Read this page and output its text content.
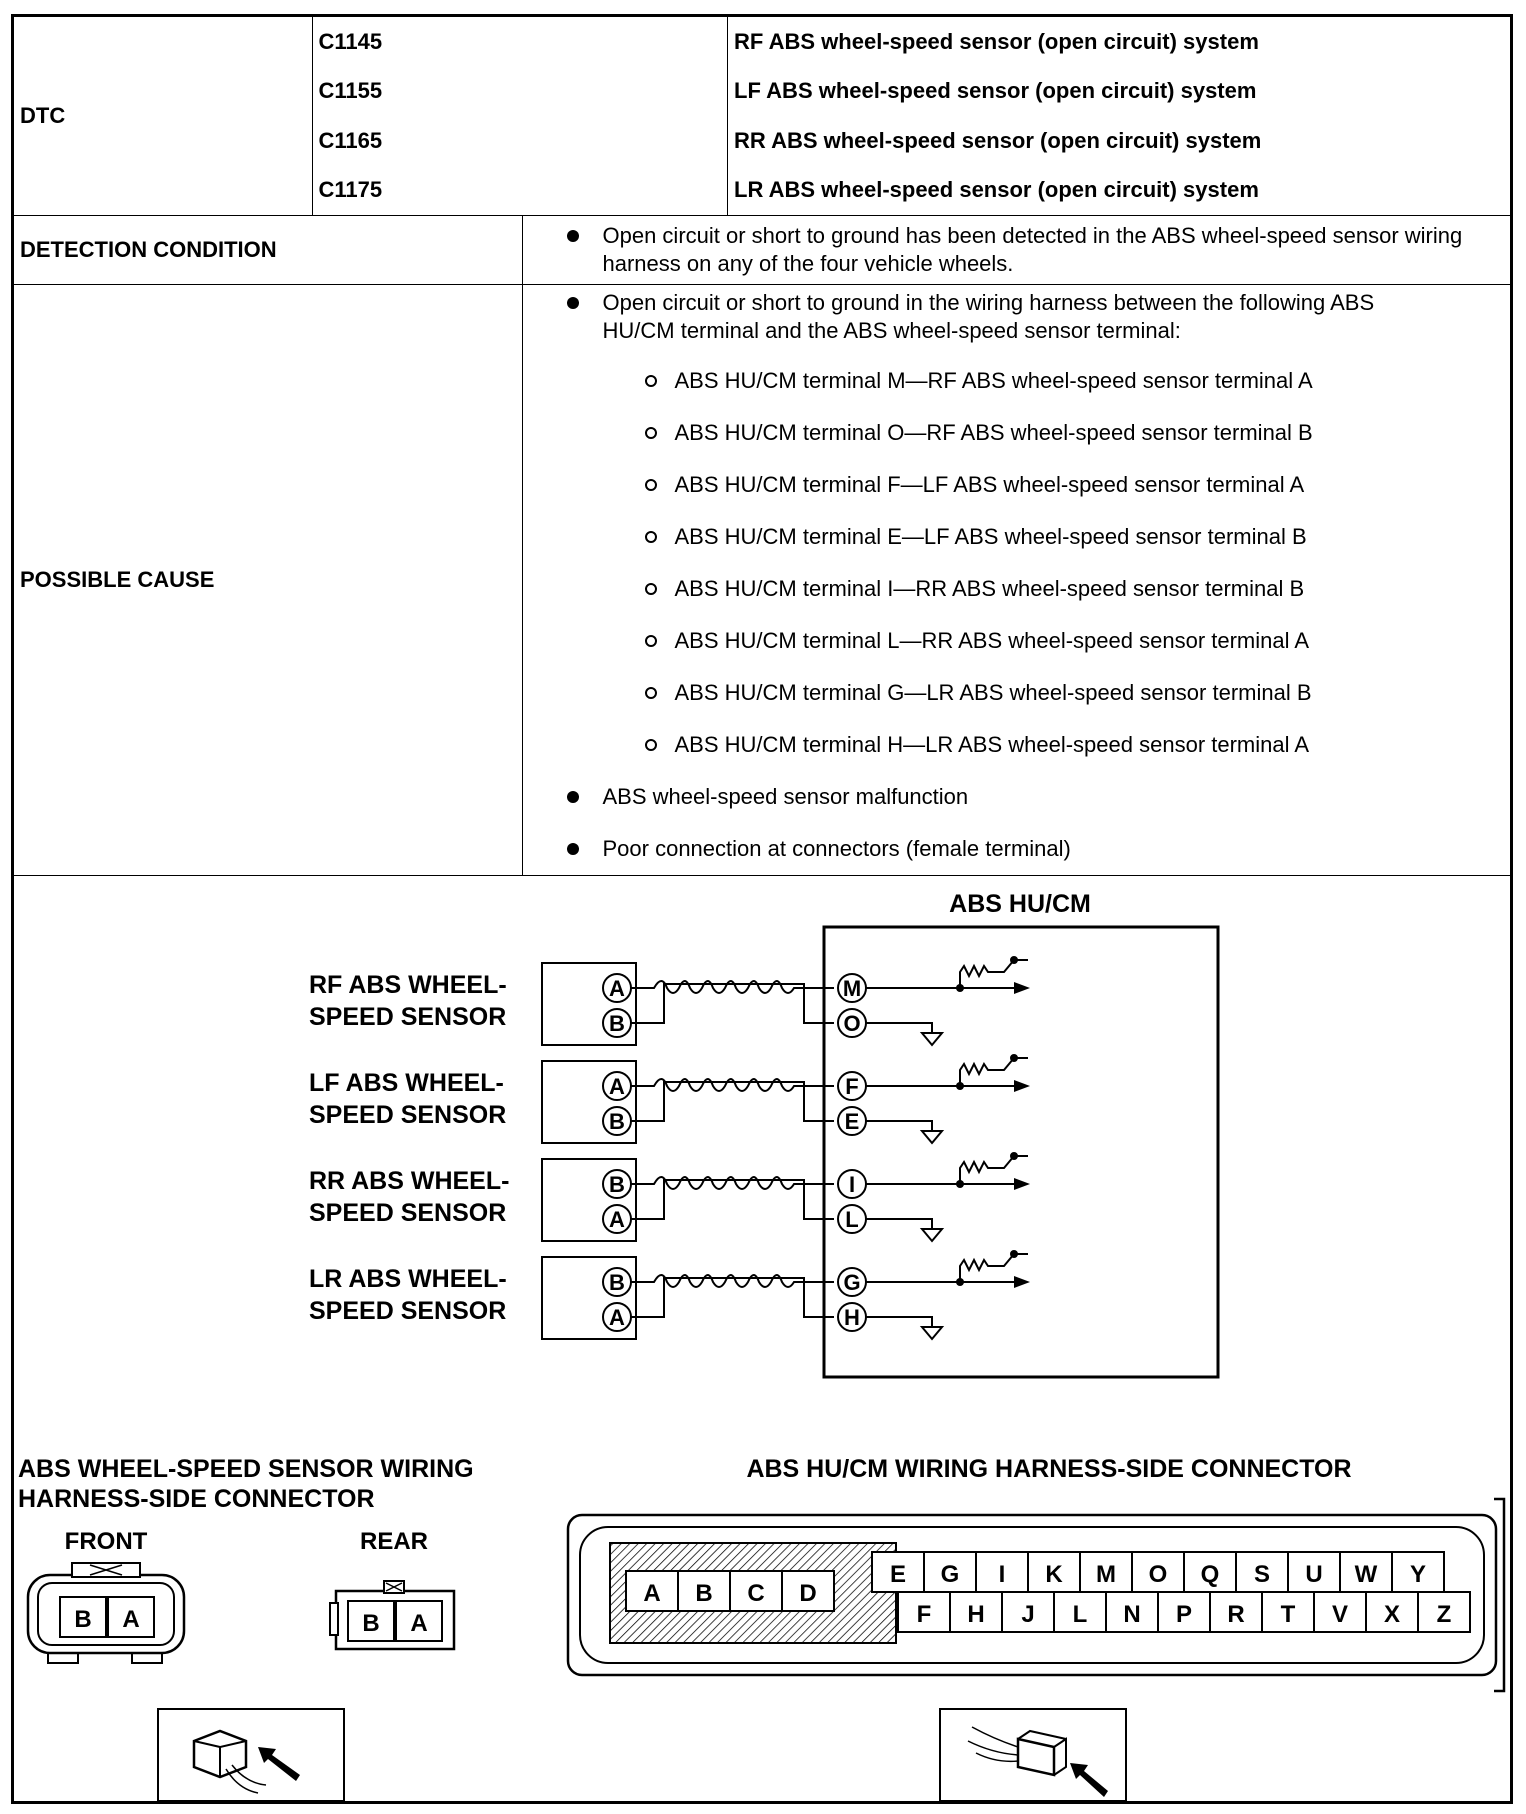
DTC	
C1145	RF ABS wheel-speed sensor (open circuit) system
C1155	LF ABS wheel-speed sensor (open circuit) system
C1165	RR ABS wheel-speed sensor (open circuit) system
C1175	LR ABS wheel-speed sensor (open circuit) system

DETECTION CONDITION	
Open circuit or short to ground has been detected in the ABS wheel-speed sensor wiring harness on any of the four vehicle wheels.

POSSIBLE CAUSE	
Open circuit or short to ground in the wiring harness between the following ABS HU/CM terminal and the ABS wheel-speed sensor terminal:
ABS HU/CM terminal M—RF ABS wheel-speed sensor terminal A
ABS HU/CM terminal O—RF ABS wheel-speed sensor terminal B
ABS HU/CM terminal F—LF ABS wheel-speed sensor terminal A
ABS HU/CM terminal E—LF ABS wheel-speed sensor terminal B
ABS HU/CM terminal I—RR ABS wheel-speed sensor terminal B
ABS HU/CM terminal L—RR ABS wheel-speed sensor terminal A
ABS HU/CM terminal G—LR ABS wheel-speed sensor terminal B
ABS HU/CM terminal H—LR ABS wheel-speed sensor terminal A
ABS wheel-speed sensor malfunction
Poor connection at connectors (female terminal)
ABS HU/CM
RF ABS WHEEL-
SPEED SENSOR
A
B
M
O
LF ABS WHEEL-
SPEED SENSOR
A
B
F
E
RR ABS WHEEL-
SPEED SENSOR
B
A
I
L
LR ABS WHEEL-
SPEED SENSOR
B
A
G
H
ABS WHEEL-SPEED SENSOR WIRING
HARNESS-SIDE CONNECTOR
FRONT	REAR
B A	B A
ABS HU/CM WIRING HARNESS-SIDE CONNECTOR
A B C D
E G I K M O Q S U W Y
F H J L N P R T V X Z
